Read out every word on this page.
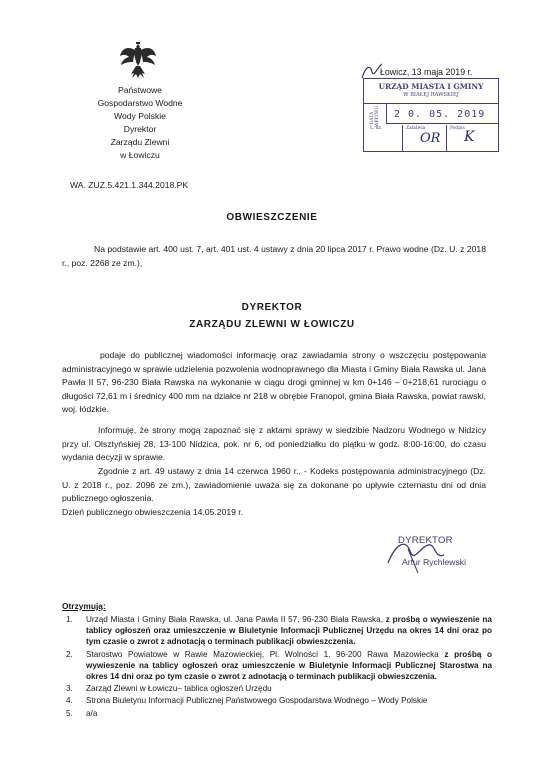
Państwowe
Gospodarstwo Wodne
Wody Polskie
Dyrektor
Zarządu Zlewni
w Łowiczu
Łowicz, 13 maja 2019 r.
URZĄD MIASTA I GMINY
W BIAŁEJ RAWSKIEJ
DATA WPŁYWU 2 0. 05. 2019
L. dz.	Załatwia	Podpis
OR K
WA. ZUZ.5.421.1.344.2018.PK
OBWIESZCZENIE
Na podstawie art. 400 ust. 7, art. 401 ust. 4 ustawy z dnia 20 lipca 2017 r. Prawo wodne (Dz. U. z 2018 r., poz. 2268 ze zm.),
DYREKTOR
ZARZĄDU ZLEWNI W ŁOWICZU
podaje do publicznej wiadomości informację oraz zawiadamia strony o wszczęciu postępowania administracyjnego w sprawie udzielenia pozwolenia wodnoprawnego dla Miasta i Gminy Biała Rawska ul. Jana Pawła II 57, 96-230 Biała Rawska na wykonanie w ciągu drogi gminnej w km 0+146 – 0+218,61 rurociągu o długości 72,61 m i średnicy 400 mm na działce nr 218 w obrębie Franopol, gmina Biała Rawska, powiat rawski, woj. łódzkie.
Informuję, że strony mogą zapoznać się z aktami sprawy w siedzibie Nadzoru Wodnego w Nidzicy przy ul. Olsztyńskiej 28, 13-100 Nidzica, pok. nr 6, od poniedziałku do piątku w godz. 8:00-16:00, do czasu wydania decyzji w sprawie.
Zgodnie z art. 49 ustawy z dnia 14 czerwca 1960 r., - Kodeks postępowania administracyjnego (Dz. U. z 2018 r., poz. 2096 ze zm.), zawiadomienie uważa się za dokonane po upływie czternastu dni od dnia publicznego ogłoszenia.
Dzień publicznego obwieszczenia 14.05.2019 r.
DYREKTOR
Artur Rychlewski
Otrzymują:
1. Urząd Miasta i Gminy Biała Rawska, ul. Jana Pawła II 57, 96-230 Biała Rawska, z prośbą o wywieszenie na tablicy ogłoszeń oraz umieszczenie w Biuletynie Informacji Publicznej Urzędu na okres 14 dni oraz po tym czasie o zwrot z adnotacją o terminach publikacji obwieszczenia.
2. Starostwo Powiatowe w Rawie Mazowieckiej, Pl. Wolności 1, 96-200 Rawa Mazowiecka z prośbą o wywieszenie na tablicy ogłoszeń oraz umieszczenie w Biuletynie Informacji Publicznej Starostwa na okres 14 dni oraz po tym czasie o zwrot z adnotacją o terminach publikacji obwieszczenia.
3. Zarząd Zlewni w Łowiczu– tablica ogłoszeń Urzędu
4. Strona Biuletynu Informacji Publicznej Państwowego Gospodarstwa Wodnego – Wody Polskie
5. a/a
